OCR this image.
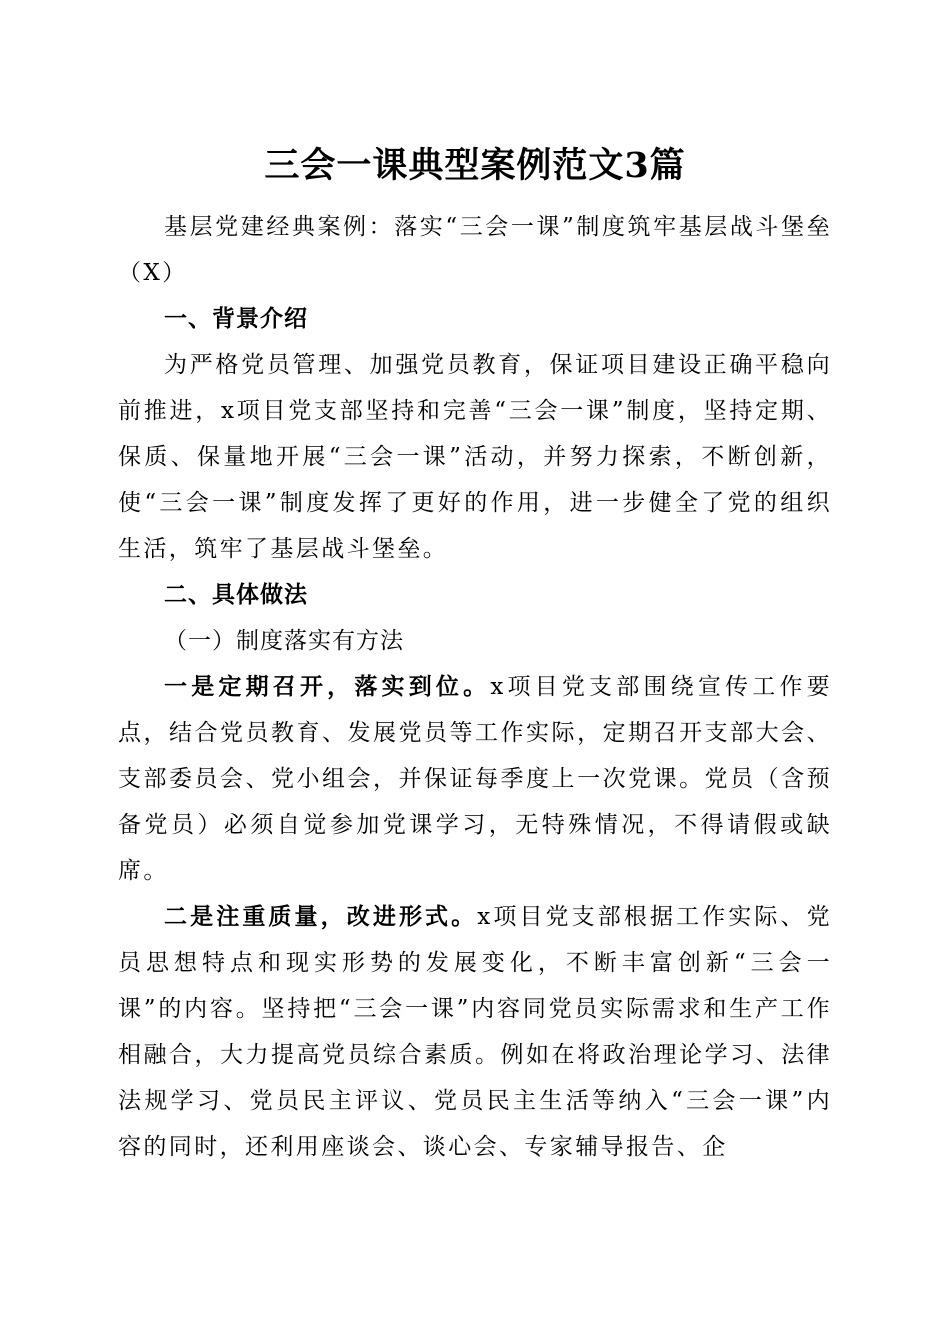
三会一课典型案例范文3篇

基层党建经典案例：落实“三会一课”制度筑牢基层战斗堡垒（X）

一、背景介绍

为严格党员管理、加强党员教育，保证项目建设正确平稳向前推进，x项目党支部坚持和完善“三会一课”制度，坚持定期、保质、保量地开展“三会一课”活动，并努力探索，不断创新，使“三会一课”制度发挥了更好的作用，进一步健全了党的组织生活，筑牢了基层战斗堡垒。

二、具体做法

（一）制度落实有方法

一是定期召开，落实到位。x项目党支部围绕宣传工作要点，结合党员教育、发展党员等工作实际，定期召开支部大会、支部委员会、党小组会，并保证每季度上一次党课。党员（含预备党员）必须自觉参加党课学习，无特殊情况，不得请假或缺席。

二是注重质量，改进形式。x项目党支部根据工作实际、党员思想特点和现实形势的发展变化，不断丰富创新“三会一课”的内容。坚持把“三会一课”内容同党员实际需求和生产工作相融合，大力提高党员综合素质。例如在将政治理论学习、法律法规学习、党员民主评议、党员民主生活等纳入“三会一课”内容的同时，还利用座谈会、谈心会、专家辅导报告、企
